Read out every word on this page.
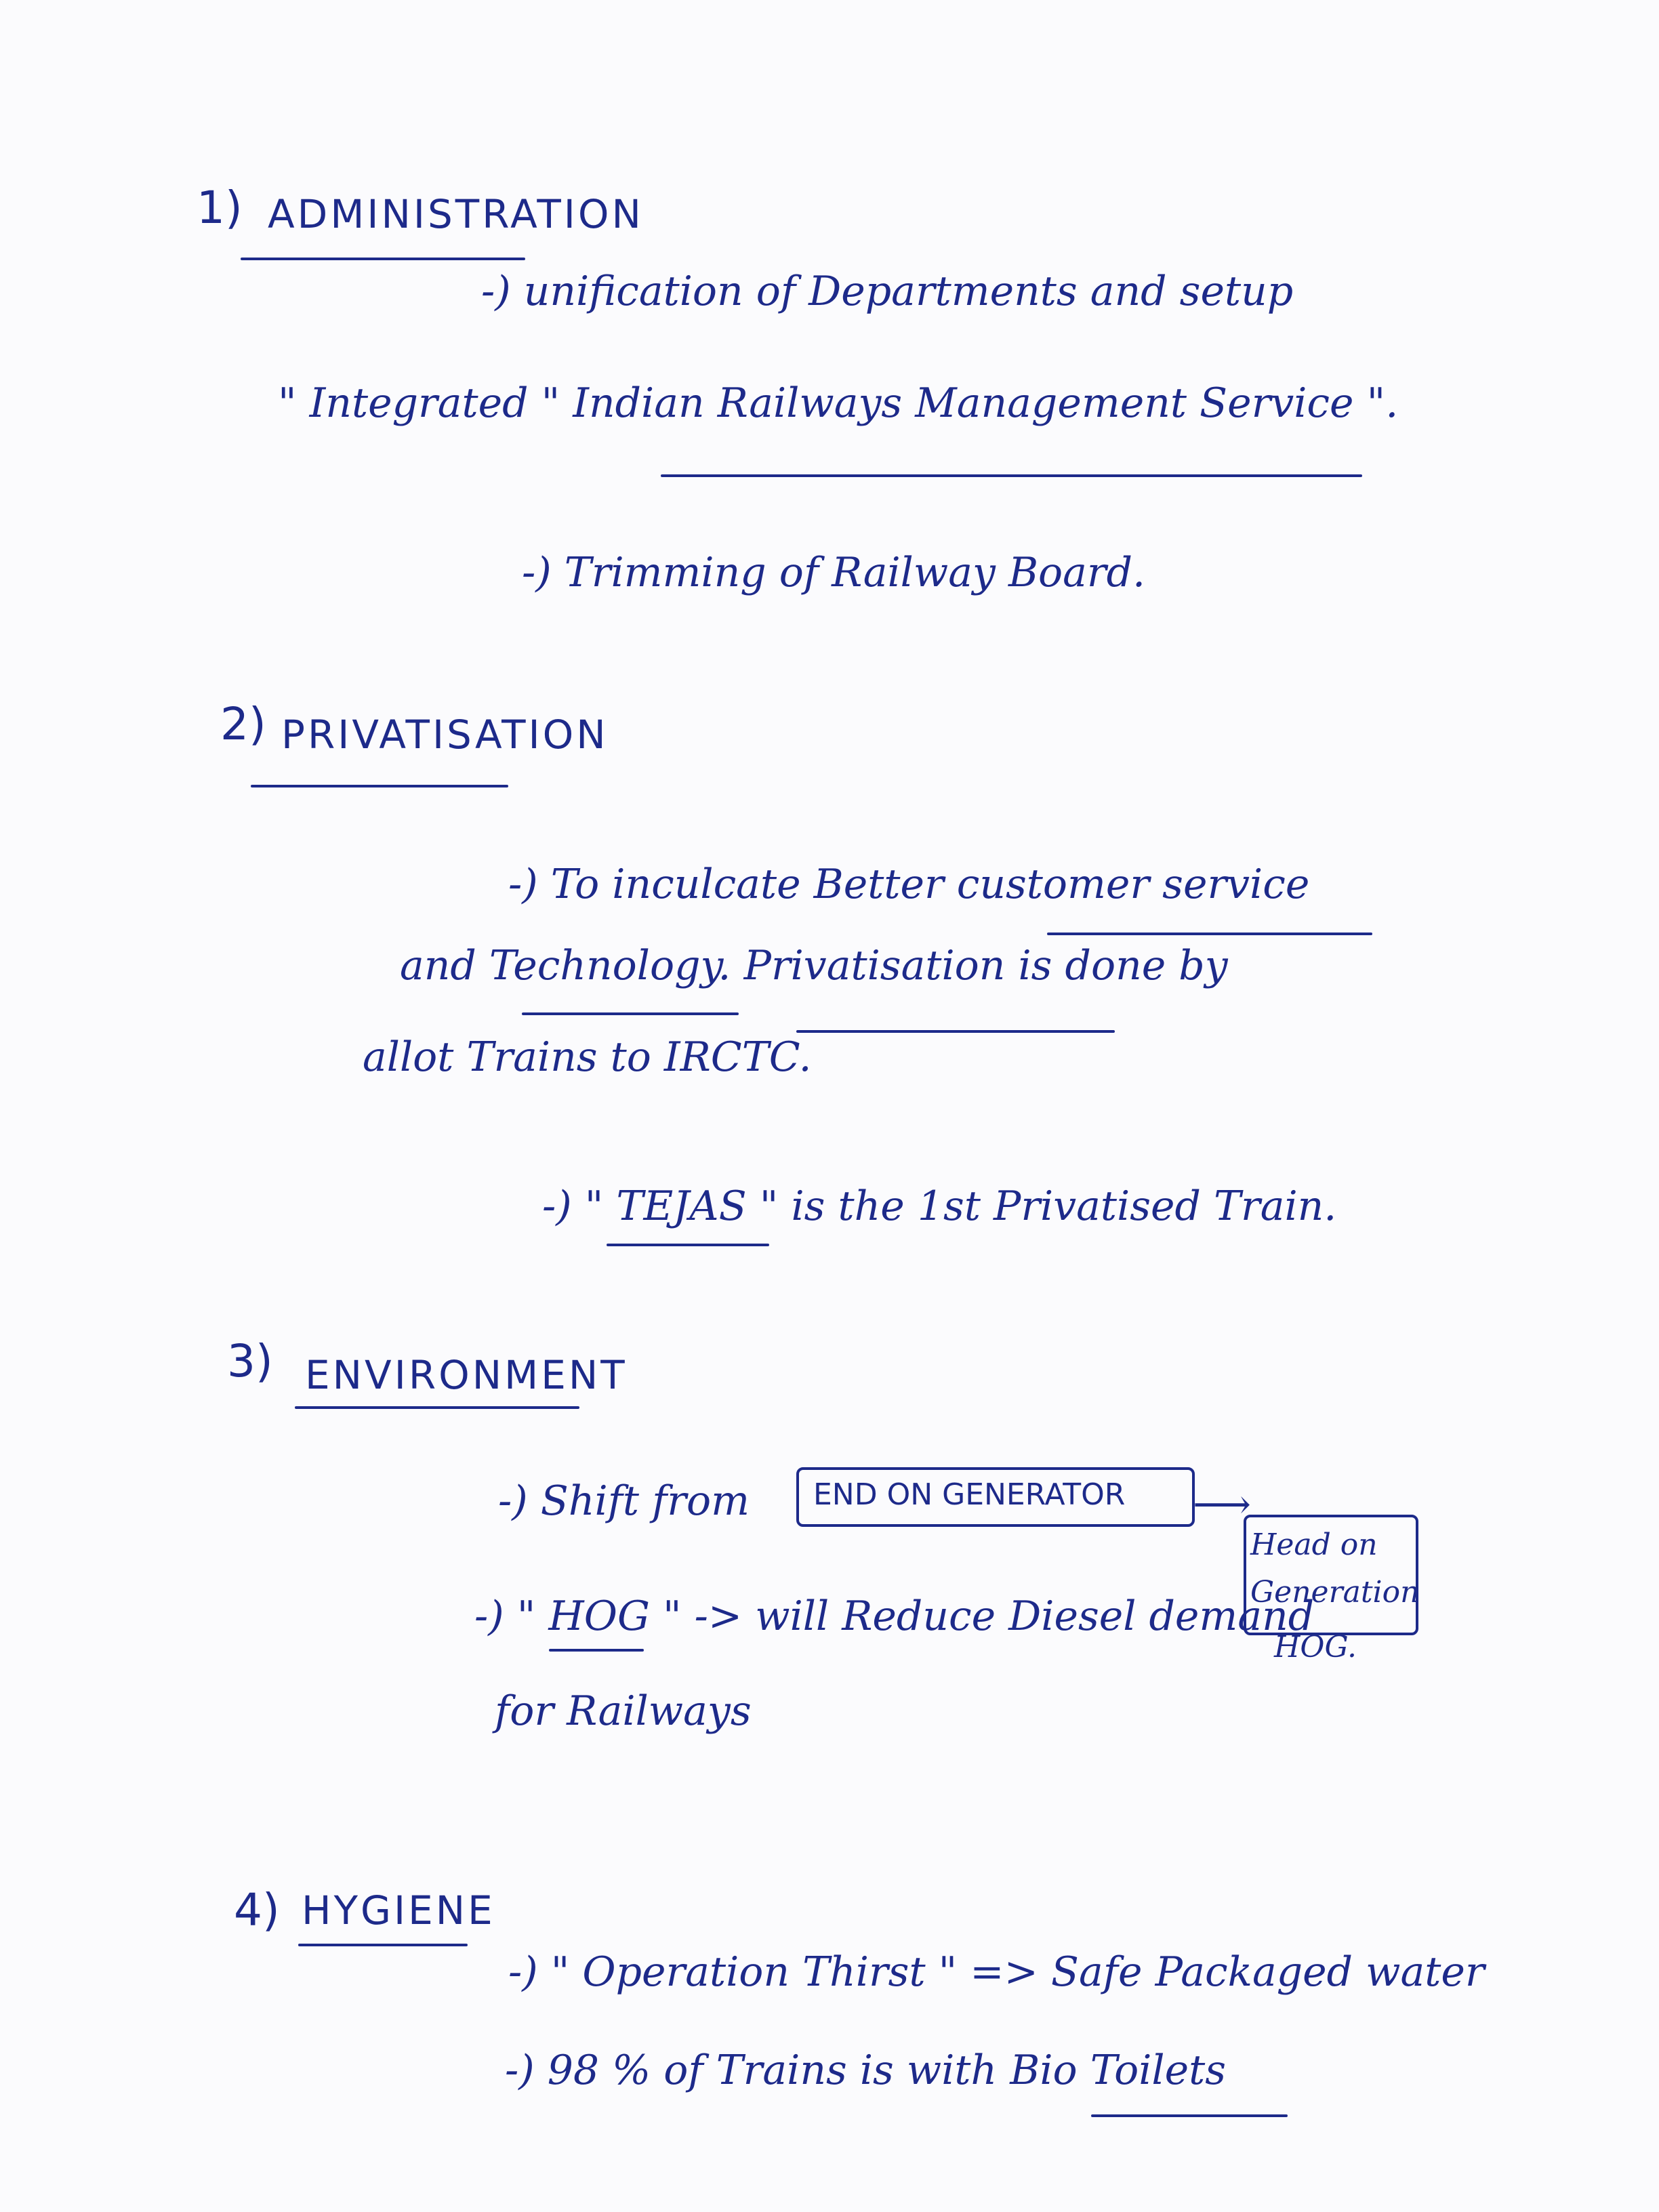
1) ADMINISTRATION
-) unification of Departments and setup
" Integrated " Indian Railways Management Service ".
-) Trimming of Railway Board.
2) PRIVATISATION
-) To inculcate Better customer service
and Technology. Privatisation is done by
allot Trains to IRCTC.
-) " TEJAS " is the 1st Privatised Train.
3) ENVIRONMENT
-) Shift from END ON GENERATOR ⟶
Head on Generation
HOG.
-) " HOG " -> will Reduce Diesel demand
for Railways
4) HYGIENE
-) " Operation Thirst " => Safe Packaged water
-) 98 % of Trains is with Bio Toilets
